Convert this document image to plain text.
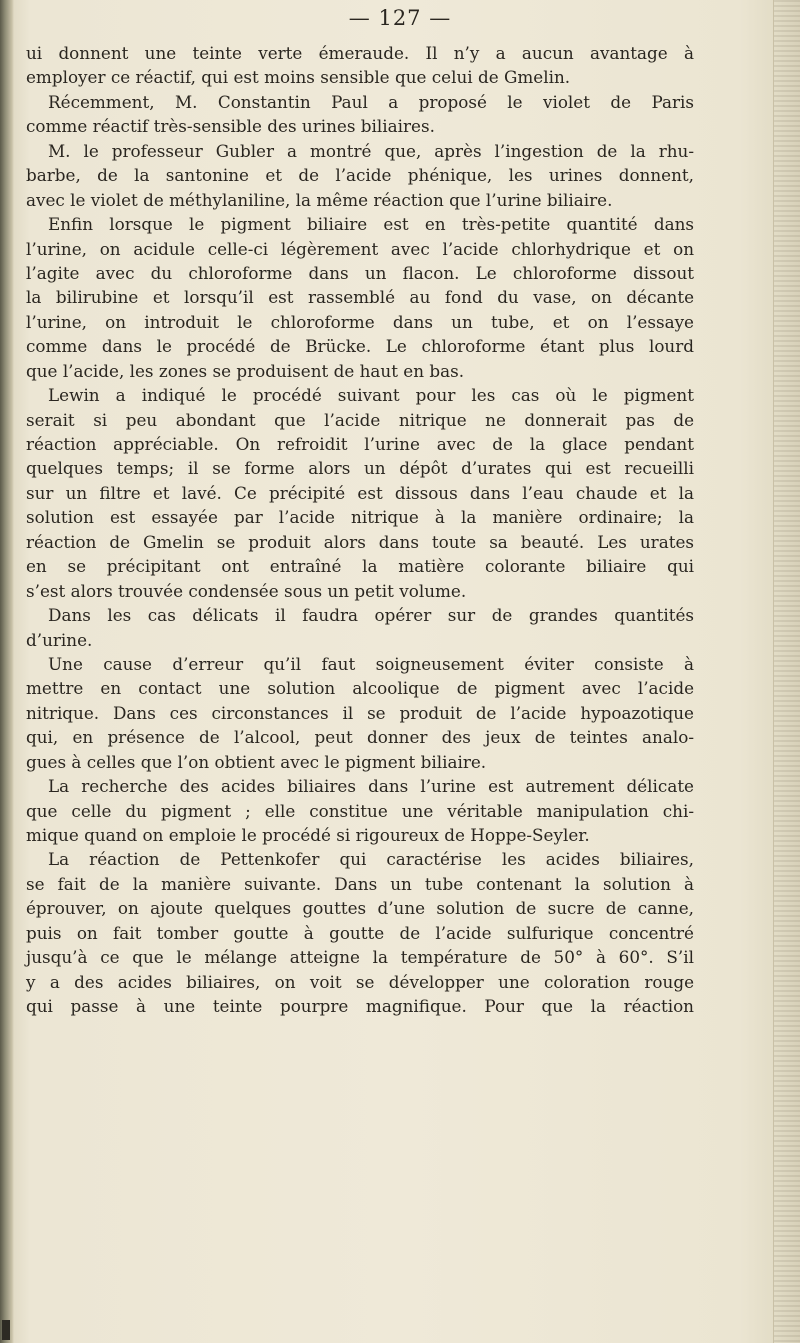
— 127 —
ui donnent une teinte verte émeraude. Il n’y a aucun avantage à
employer ce réactif, qui est moins sensible que celui de Gmelin.
Récemment, M. Constantin Paul a proposé le violet de Paris
comme réactif très-sensible des urines biliaires.
M. le professeur Gubler a montré que, après l’ingestion de la rhu-
barbe, de la santonine et de l’acide phénique, les urines donnent,
avec le violet de méthylaniline, la même réaction que l’urine biliaire.
Enfin lorsque le pigment biliaire est en très-petite quantité dans
l’urine, on acidule celle-ci légèrement avec l’acide chlorhydrique et on
l’agite avec du chloroforme dans un flacon. Le chloroforme dissout
la bilirubine et lorsqu’il est rassemblé au fond du vase, on décante
l’urine, on introduit le chloroforme dans un tube, et on l’essaye
comme dans le procédé de Brücke. Le chloroforme étant plus lourd
que l’acide, les zones se produisent de haut en bas.
Lewin a indiqué le procédé suivant pour les cas où le pigment
serait si peu abondant que l’acide nitrique ne donnerait pas de
réaction appréciable. On refroidit l’urine avec de la glace pendant
quelques temps; il se forme alors un dépôt d’urates qui est recueilli
sur un filtre et lavé. Ce précipité est dissous dans l’eau chaude et la
solution est essayée par l’acide nitrique à la manière ordinaire; la
réaction de Gmelin se produit alors dans toute sa beauté. Les urates
en se précipitant ont entraîné la matière colorante biliaire qui
s’est alors trouvée condensée sous un petit volume.
Dans les cas délicats il faudra opérer sur de grandes quantités
d’urine.
Une cause d’erreur qu’il faut soigneusement éviter consiste à
mettre en contact une solution alcoolique de pigment avec l’acide
nitrique. Dans ces circonstances il se produit de l’acide hypoazotique
qui, en présence de l’alcool, peut donner des jeux de teintes analo-
gues à celles que l’on obtient avec le pigment biliaire.
La recherche des acides biliaires dans l’urine est autrement délicate
que celle du pigment ; elle constitue une véritable manipulation chi-
mique quand on emploie le procédé si rigoureux de Hoppe-Seyler.
La réaction de Pettenkofer qui caractérise les acides biliaires,
se fait de la manière suivante. Dans un tube contenant la solution à
éprouver, on ajoute quelques gouttes d’une solution de sucre de canne,
puis on fait tomber goutte à goutte de l’acide sulfurique concentré
jusqu’à ce que le mélange atteigne la température de 50° à 60°. S’il
y a des acides biliaires, on voit se développer une coloration rouge
qui passe à une teinte pourpre magnifique. Pour que la réaction
